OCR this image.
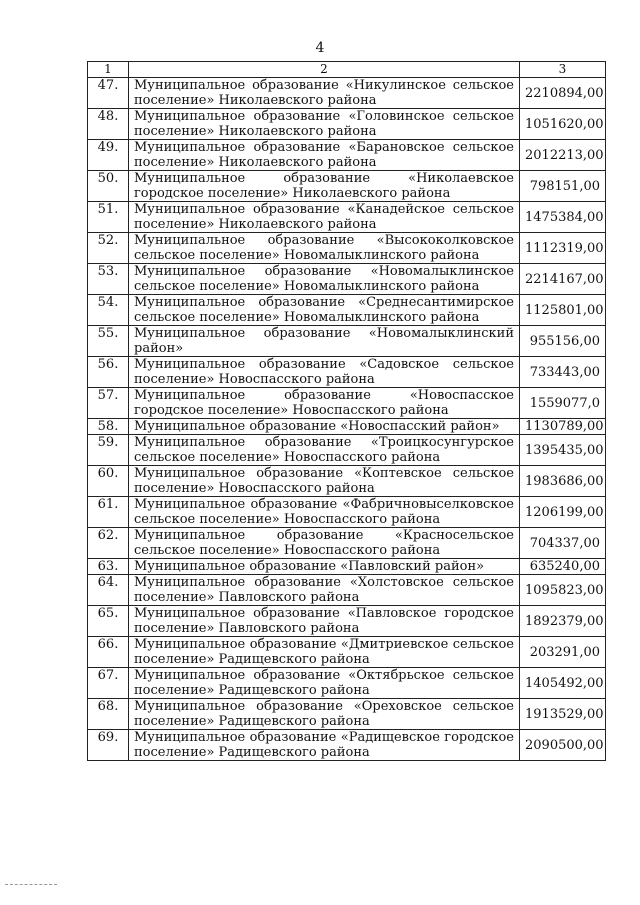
4
1	2	3
47.	Муниципальное образование «Никулинское сельское поселение» Николаевского района	2210894,00
48.	Муниципальное образование «Головинское сельское поселение» Николаевского района	1051620,00
49.	Муниципальное образование «Барановское сельское поселение» Николаевского района	2012213,00
50.	Муниципальное образование «Николаевское городское поселение» Николаевского района	798151,00
51.	Муниципальное образование «Канадейское сельское поселение» Николаевского района	1475384,00
52.	Муниципальное образование «Высококолковское сельское поселение» Новомалыклинского района	1112319,00
53.	Муниципальное образование «Новомалыклинское сельское поселение» Новомалыклинского района	2214167,00
54.	Муниципальное образование «Среднесантимирское сельское поселение» Новомалыклинского района	1125801,00
55.	Муниципальное образование «Новомалыклинский район»	955156,00
56.	Муниципальное образование «Садовское сельское поселение» Новоспасского района	733443,00
57.	Муниципальное образование «Новоспасское городское поселение» Новоспасского района	1559077,0
58.	Муниципальное образование «Новоспасский район»	1130789,00
59.	Муниципальное образование «Троицкосунгурское сельское поселение» Новоспасского района	1395435,00
60.	Муниципальное образование «Коптевское сельское поселение» Новоспасского района	1983686,00
61.	Муниципальное образование «Фабричновыселковское сельское поселение» Новоспасского района	1206199,00
62.	Муниципальное образование «Красносельское сельское поселение» Новоспасского района	704337,00
63.	Муниципальное образование «Павловский район»	635240,00
64.	Муниципальное образование «Холстовское сельское поселение» Павловского района	1095823,00
65.	Муниципальное образование «Павловское городское поселение» Павловского района	1892379,00
66.	Муниципальное образование «Дмитриевское сельское поселение» Радищевского района	203291,00
67.	Муниципальное образование «Октябрьское сельское поселение» Радищевского района	1405492,00
68.	Муниципальное образование «Ореховское сельское поселение» Радищевского района	1913529,00
69.	Муниципальное образование «Радищевское городское поселение» Радищевского района	2090500,00
